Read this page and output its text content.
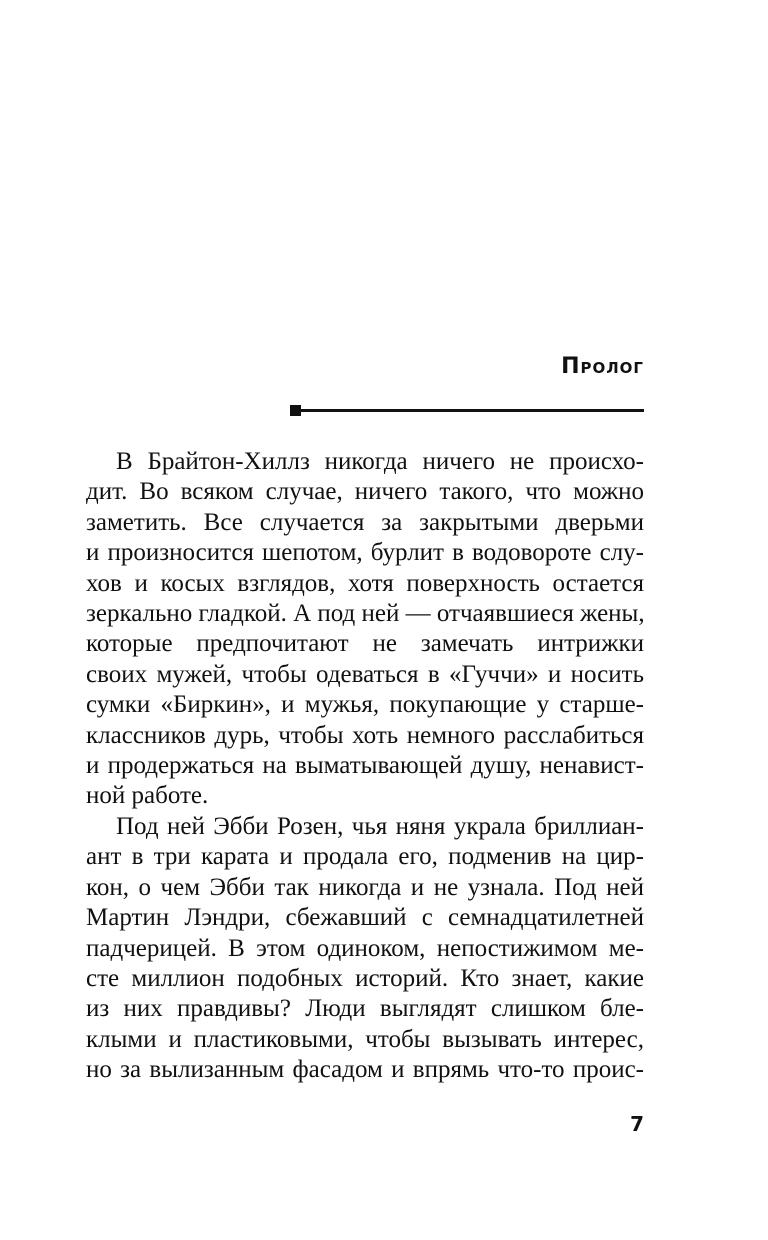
Пролог

В Брайтон-Хиллз никогда ничего не происхо-
дит. Во всяком случае, ничего такого, что можно
заметить. Все случается за закрытыми дверьми
и произносится шепотом, бурлит в водовороте слу-
хов и косых взглядов, хотя поверхность остается
зеркально гладкой. А под ней — отчаявшиеся жены,
которые предпочитают не замечать интрижки
своих мужей, чтобы одеваться в «Гуччи» и носить
сумки «Биркин», и мужья, покупающие у старше-
классников дурь, чтобы хоть немного расслабиться
и продержаться на выматывающей душу, ненавист-
ной работе.

Под ней Эбби Розен, чья няня украла бриллиан-
ант в три карата и продала его, подменив на цир-
кон, о чем Эбби так никогда и не узнала. Под ней
Мартин Лэндри, сбежавший с семнадцатилетней
падчерицей. В этом одиноком, непостижимом ме-
сте миллион подобных историй. Кто знает, какие
из них правдивы? Люди выглядят слишком бле-
клыми и пластиковыми, чтобы вызывать интерес,
но за вылизанным фасадом и впрямь что-то проис-

7
